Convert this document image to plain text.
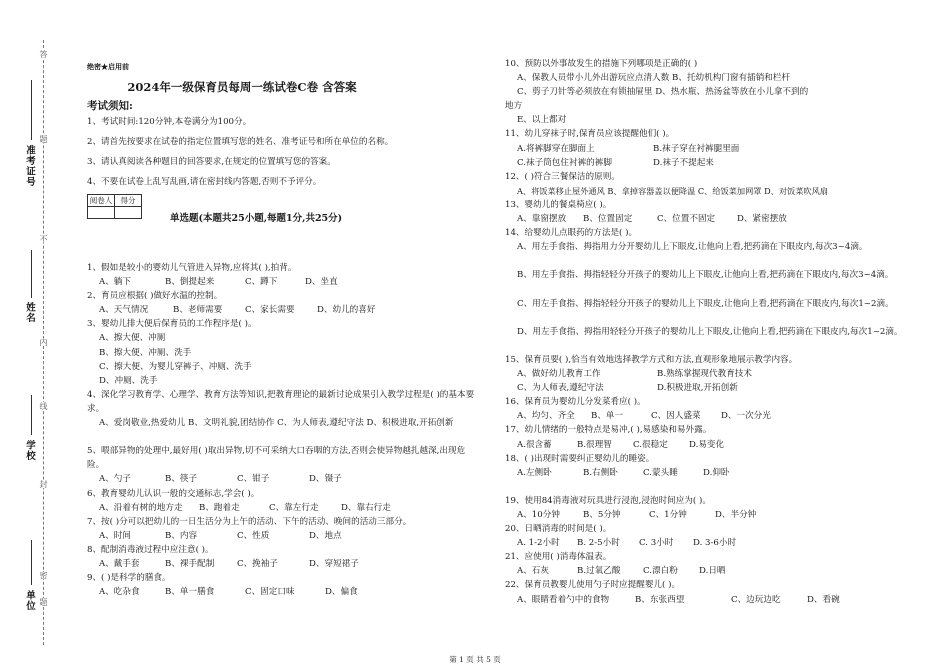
答
题
不
内
线
封
密
题
准考证号
姓名
学校
单位
绝密★启用前
2024年一级保育员每周一练试卷C卷 含答案
考试须知:
1、考试时间:120分钟,本卷满分为100分。
2、请首先按要求在试卷的指定位置填写您的姓名、准考证号和所在单位的名称。
3、请认真阅读各种题目的回答要求,在规定的位置填写您的答案。
4、不要在试卷上乱写乱画,请在密封线内答题,否则不予评分。
阅卷人	得分

单选题(本题共25小题,每题1分,共25分)
1、假如是较小的婴幼儿气管进入异物,应将其( ),拍背。
A、躺下	B、倒提起来	C、蹲下	D、坐直
2、育员应根据( )做好水温的控制。
A、天气情况	B、老师需要	C、家长需要	D、幼儿的喜好
3、婴幼儿排大便后保育员的工作程序是( )。
A、擦大便、冲厕
B、擦大便、冲厕、洗手
C、擦大便、为婴儿穿裤子、冲厕、洗手
D、冲厕、洗手
4、深化学习教育学、心理学、教育方法等知识,把教育理论的最新讨论成果引入教学过程是( )的基本要求。
A、爱岗敬业,热爱幼儿 B、文明礼貌,团结协作 C、为人师表,遵纪守法 D、积极进取,开拓创新
5、喂部异物的处理中,最好用( )取出异物,切不可采纳大口吞咽的方法,否则会使异物越扎越深,出现危险。
A、勺子	B、筷子	C、钳子	D、镊子
6、教育婴幼儿认识一般的交通标志,学会( )。
A、沿着有树的地方走	B、跑着走	C、靠左行走	D、靠右行走
7、按( )分可以把幼儿的一日生活分为上午的活动、下午的活动、晚间的活动三部分。
A、时间	B、内容	C、性质	D、地点
8、配制消毒液过程中应注意( )。
A、戴手套	B、裸手配制	C、挽袖子	D、穿短裙子
9、( )是科学的膳食。
A、吃杂食	B、单一膳食	C、固定口味	D、偏食
10、预防以外事故发生的措施下列哪项是正确的( )
A、保教人员带小儿外出游玩应点清人数 B、托幼机构门窗有插销和栏杆
C、剪子刀针等必须放在有锁抽屉里 D、热水瓶、热汤盆等放在小儿拿不到的
地方
E、以上都对
11、幼儿穿袜子时,保育员应该提醒他们( )。
A.将裤脚穿在脚面上	B.袜子穿在衬裤腿里面
C.袜子筒包住衬裤的裤脚	D.袜子不提起来
12、( )符合三餐保洁的原则。
A、将饭菜移止屋外通风 B、拿掉容器盖以便降温 C、给饭菜加网罩 D、对饭菜吹风扇
13、婴幼儿的餐桌椅应( )。
A、靠窗摆放	B、位置固定	C、位置不固定	D、紧密摆放
14、给婴幼儿点眼药的方法是( )。
A、用左手食指、拇指用力分开婴幼儿上下眼皮,让他向上看,把药滴在下眼皮内,每次3~4滴。
B、用左手食指、拇指轻轻分开孩子的婴幼儿上下眼皮,让他向上看,把药滴在下眼皮内,每次3~4滴。
C、用左手食指、拇指轻轻分开孩子的婴幼儿上下眼皮,让他向上看,把药滴在下眼皮内,每次1~2滴。
D、用左手食指、拇指用轻轻分开孩子的婴幼儿上下眼皮,让他向上看,把药滴在下眼皮内,每次1~2滴。
15、保育员要( ),恰当有效地选择教学方式和方法,直观形象地展示教学内容。
A、做好幼儿教育工作	B.熟练掌握现代教育技术
C、为人师表,遵纪守法	D.积极进取,开拓创新
16、保育员为婴幼儿分发菜肴应( )。
A、均匀、齐全	B、单一	C、因人盛菜	D、一次分光
17、幼儿情绪的一般特点是易冲,( ),易感染和易外露。
A.很含蓄	B.很理智	C.很稳定	D.易变化
18、( )出现时需要纠正婴幼儿的睡姿。
A.左侧卧	B.右侧卧	C.蒙头睡	D.仰卧
19、使用84消毒液对玩具进行浸泡,浸泡时间应为( )。
A、10分钟	B、5分钟	C、1分钟	D、半分钟
20、日晒消毒的时间是( )。
A. 1-2小时	B. 2-5小时	C. 3小时	D. 3-6小时
21、应使用( )消毒体温表。
A、石灰	B.过氧乙酸	C.漂白粉	D.日晒
22、保育员教婴儿使用勺子时应提醒婴儿( )。
A、眼睛看着勺中的食物	B、东张西望	C、边玩边吃	D、看碗
第 1 页 共 5 页
